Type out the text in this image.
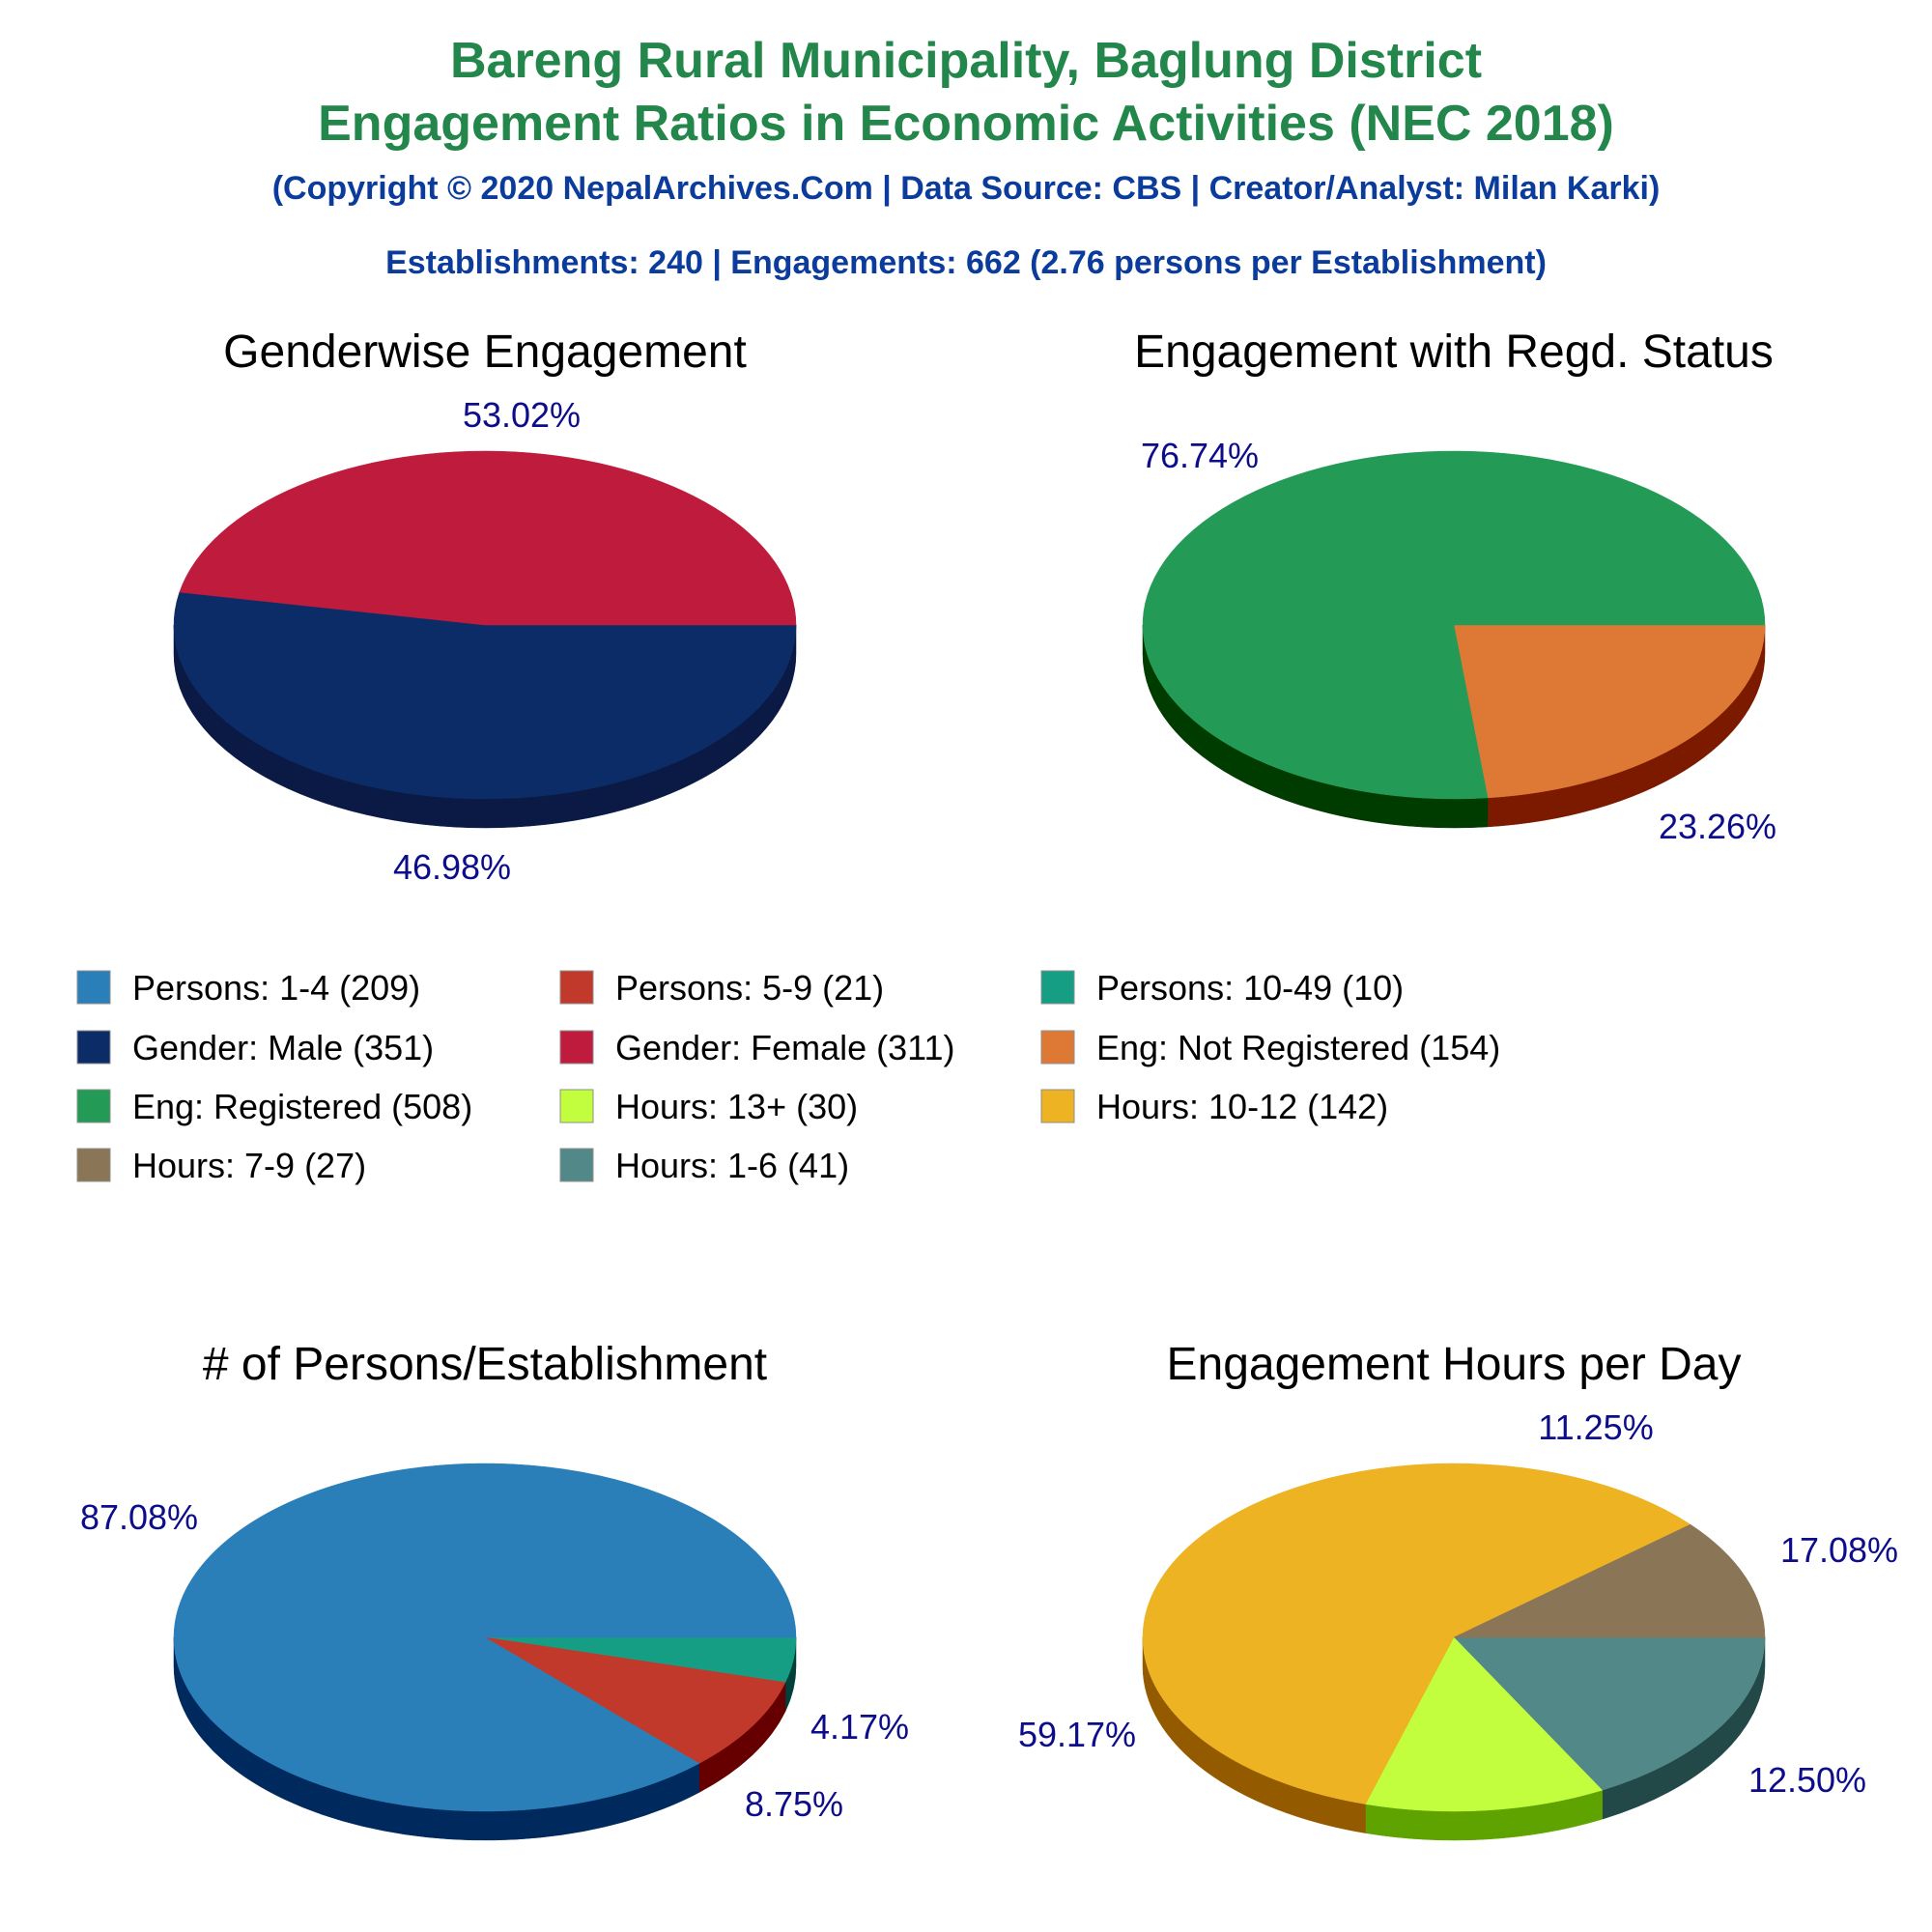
Bareng Rural Municipality, Baglung District
Engagement Ratios in Economic Activities (NEC 2018)
(Copyright © 2020 NepalArchives.Com | Data Source: CBS | Creator/Analyst: Milan Karki)
Establishments: 240 | Engagements: 662 (2.76 persons per Establishment)
Genderwise Engagement
53.02%
46.98%
Engagement with Regd. Status
23.26%
76.74%
# of Persons/Establishment
4.17%
8.75%
87.08%
Engagement Hours per Day
17.08%
12.50%
59.17%
11.25%
Persons: 1-4 (209)	Persons: 5-9 (21)	Persons: 10-49 (10)
Gender: Male (351)	Gender: Female (311)	Eng: Not Registered (154)
Eng: Registered (508)	Hours: 13+ (30)	Hours: 10-12 (142)
Hours: 7-9 (27)	Hours: 1-6 (41)
